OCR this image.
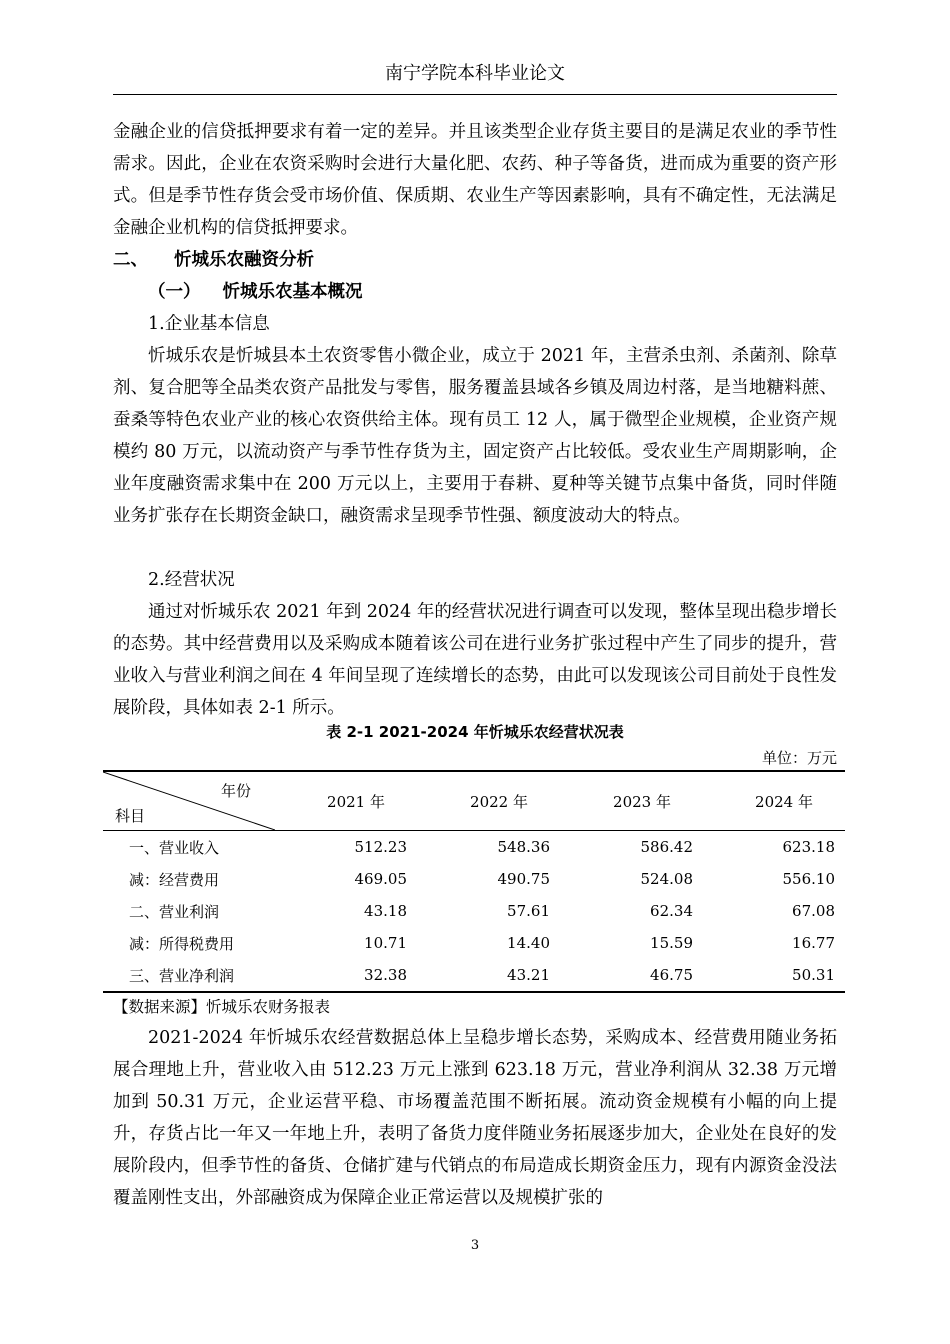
南宁学院本科毕业论文

金融企业的信贷抵押要求有着一定的差异。并且该类型企业存货主要目的是满足农业的季节性需求。因此，企业在农资采购时会进行大量化肥、农药、种子等备货，进而成为重要的资产形式。但是季节性存货会受市场价值、保质期、农业生产等因素影响，具有不确定性，无法满足金融企业机构的信贷抵押要求。

二、 忻城乐农融资分析
（一） 忻城乐农基本概况
1.企业基本信息

忻城乐农是忻城县本土农资零售小微企业，成立于 2021 年，主营杀虫剂、杀菌剂、除草剂、复合肥等全品类农资产品批发与零售，服务覆盖县域各乡镇及周边村落，是当地糖料蔗、蚕桑等特色农业产业的核心农资供给主体。现有员工 12 人，属于微型企业规模，企业资产规模约 80 万元，以流动资产与季节性存货为主，固定资产占比较低。受农业生产周期影响，企业年度融资需求集中在 200 万元以上，主要用于春耕、夏种等关键节点集中备货，同时伴随业务扩张存在长期资金缺口，融资需求呈现季节性强、额度波动大的特点。

2.经营状况

通过对忻城乐农 2021 年到 2024 年的经营状况进行调查可以发现，整体呈现出稳步增长的态势。其中经营费用以及采购成本随着该公司在进行业务扩张过程中产生了同步的提升，营业收入与营业利润之间在 4 年间呈现了连续增长的态势，由此可以发现该公司目前处于良性发展阶段，具体如表 2-1 所示。

表 2-1 2021-2024 年忻城乐农经营状况表
单位：万元
年份
科目	2021 年	2022 年	2023 年	2024 年
一、营业收入	512.23	548.36	586.42	623.18
减：经营费用	469.05	490.75	524.08	556.10
二、营业利润	43.18	57.61	62.34	67.08
减：所得税费用	10.71	14.40	15.59	16.77
三、营业净利润	32.38	43.21	46.75	50.31
【数据来源】忻城乐农财务报表

2021-2024 年忻城乐农经营数据总体上呈稳步增长态势，采购成本、经营费用随业务拓展合理地上升，营业收入由 512.23 万元上涨到 623.18 万元，营业净利润从 32.38 万元增加到 50.31 万元，企业运营平稳、市场覆盖范围不断拓展。流动资金规模有小幅的向上提升，存货占比一年又一年地上升，表明了备货力度伴随业务拓展逐步加大，企业处在良好的发展阶段内，但季节性的备货、仓储扩建与代销点的布局造成长期资金压力，现有内源资金没法覆盖刚性支出，外部融资成为保障企业正常运营以及规模扩张的

3
